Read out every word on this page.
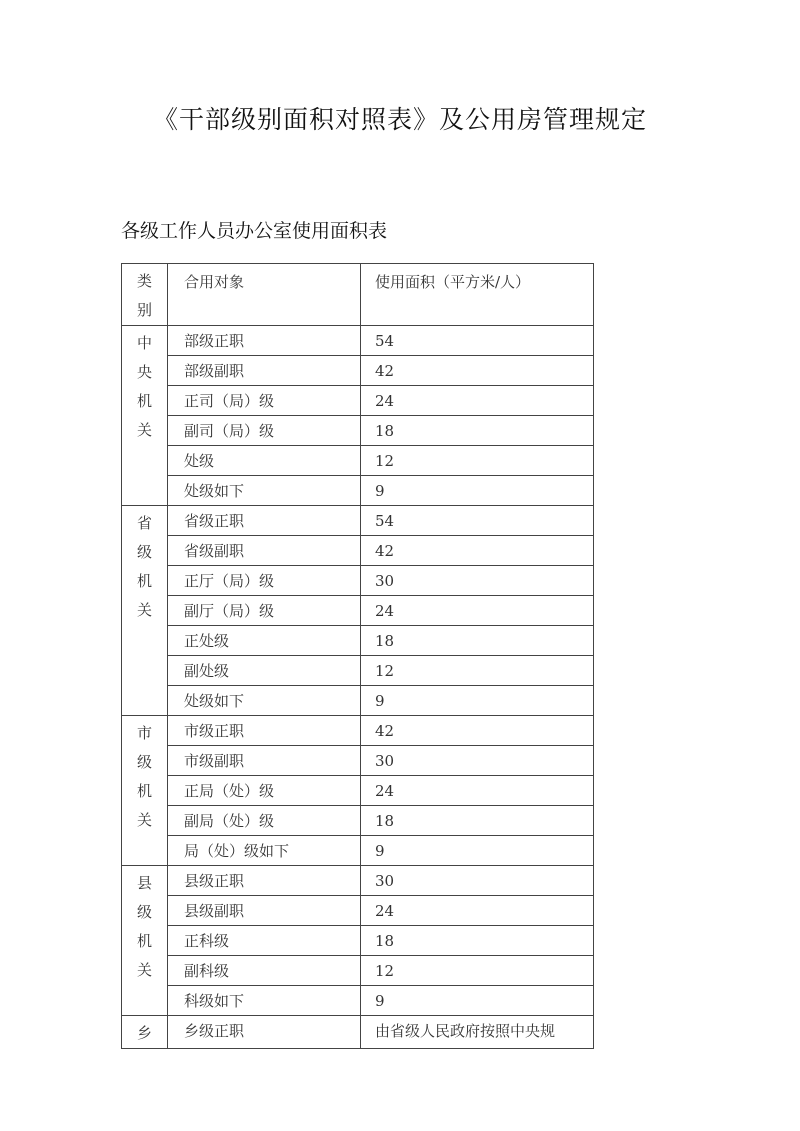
《干部级别面积对照表》及公用房管理规定
各级工作人员办公室使用面积表
类
别	合用对象	使用面积（平方米/人）

中
央
机
关	部级正职	54
	部级副职	42
	正司（局）级	24
	副司（局）级	18
	处级	12
	处级如下	9

省
级
机
关	省级正职	54
	省级副职	42
	正厅（局）级	30
	副厅（局）级	24
	正处级	18
	副处级	12
	处级如下	9

市
级
机
关	市级正职	42
	市级副职	30
	正局（处）级	24
	副局（处）级	18
	局（处）级如下	9

县
级
机
关	县级正职	30
	县级副职	24
	正科级	18
	副科级	12
	科级如下	9

乡	乡级正职	由省级人民政府按照中央规
